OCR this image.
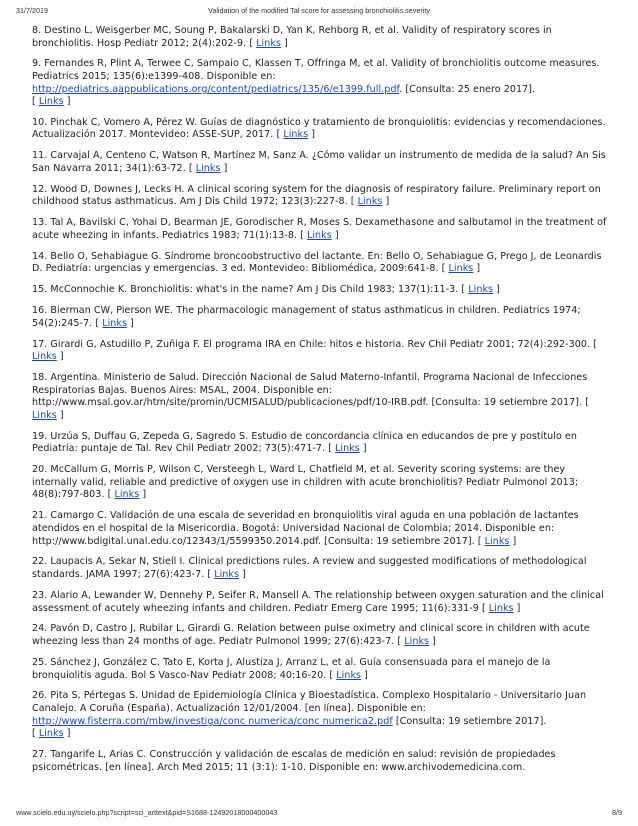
31/7/2019	Validation of the modified Tal score for assessing bronchiolitis severity

8. Destino L, Weisgerber MC, Soung P, Bakalarski D, Yan K, Rehborg R, et al. Validity of respiratory scores in bronchiolitis. Hosp Pediatr 2012; 2(4):202-9. [ Links ]

9. Fernandes R, Plint A, Terwee C, Sampaio C, Klassen T, Offringa M, et al. Validity of bronchiolitis outcome measures. Pediatrics 2015; 135(6):e1399-408. Disponible en:
http://pediatrics.aappublications.org/content/pediatrics/135/6/e1399.full.pdf. [Consulta: 25 enero 2017].
[ Links ]

10. Pinchak C, Vomero A, Pérez W. Guías de diagnóstico y tratamiento de bronquiolitis: evidencias y recomendaciones. Actualización 2017. Montevideo: ASSE-SUP, 2017. [ Links ]

11. Carvajal A, Centeno C, Watson R, Martínez M, Sanz A. ¿Cómo validar un instrumento de medida de la salud? An Sis San Navarra 2011; 34(1):63-72. [ Links ]

12. Wood D, Downes J, Lecks H. A clinical scoring system for the diagnosis of respiratory failure. Preliminary report on childhood status asthmaticus. Am J Dis Child 1972; 123(3):227-8. [ Links ]

13. Tal A, Bavilski C, Yohai D, Bearman JE, Gorodischer R, Moses S. Dexamethasone and salbutamol in the treatment of acute wheezing in infants. Pediatrics 1983; 71(1):13-8. [ Links ]

14. Bello O, Sehabiague G. Síndrome broncoobstructivo del lactante. En: Bello O, Sehabiague G, Prego J, de Leonardis D. Pediatría: urgencias y emergencias. 3 ed. Montevideo: Bibliomédica, 2009:641-8. [ Links ]

15. McConnochie K. Bronchiolitis: what's in the name? Am J Dis Child 1983; 137(1):11-3. [ Links ]

16. Bierman CW, Pierson WE. The pharmacologic management of status asthmaticus in children. Pediatrics 1974; 54(2):245-7. [ Links ]

17. Girardi G, Astudillo P, Zuñiga F. El programa IRA en Chile: hitos e historia. Rev Chil Pediatr 2001; 72(4):292-300. [ Links ]

18. Argentina. Ministerio de Salud. Dirección Nacional de Salud Materno-Infantil. Programa Nacional de Infecciones Respiratorias Bajas. Buenos Aires: MSAL, 2004. Disponible en: http://www.msal.gov.ar/htm/site/promin/UCMISALUD/publicaciones/pdf/10-IRB.pdf. [Consulta: 19 setiembre 2017]. [ Links ]

19. Urzúa S, Duffau G, Zepeda G, Sagredo S. Estudio de concordancia clínica en educandos de pre y postítulo en Pediatría: puntaje de Tal. Rev Chil Pediatr 2002; 73(5):471-7. [ Links ]

20. McCallum G, Morris P, Wilson C, Versteegh L, Ward L, Chatfield M, et al. Severity scoring systems: are they internally valid, reliable and predictive of oxygen use in children with acute bronchiolitis? Pediatr Pulmonol 2013; 48(8):797-803. [ Links ]

21. Camargo C. Validación de una escala de severidad en bronquiolitis viral aguda en una población de lactantes atendidos en el hospital de la Misericordia. Bogotá: Universidad Nacional de Colombia; 2014. Disponible en: http://www.bdigital.unal.edu.co/12343/1/5599350.2014.pdf. [Consulta: 19 setiembre 2017]. [ Links ]

22. Laupacis A, Sekar N, Stiell I. Clinical predictions rules. A review and suggested modifications of methodological standards. JAMA 1997; 27(6):423-7. [ Links ]

23. Alario A, Lewander W, Dennehy P, Seifer R, Mansell A. The relationship between oxygen saturation and the clinical assessment of acutely wheezing infants and children. Pediatr Emerg Care 1995; 11(6):331-9 [ Links ]

24. Pavón D, Castro J, Rubilar L, Girardi G. Relation between pulse oximetry and clinical score in children with acute wheezing less than 24 months of age. Pediatr Pulmonol 1999; 27(6):423-7. [ Links ]

25. Sánchez J, González C, Tato E, Korta J, Alustiza J, Arranz L, et al. Guía consensuada para el manejo de la bronquiolitis aguda. Bol S Vasco-Nav Pediatr 2008; 40:16-20. [ Links ]

26. Pita S, Pértegas S. Unidad de Epidemiología Clínica y Bioestadística. Complexo Hospitalario - Universitario Juan Canalejo. A Coruña (España). Actualización 12/01/2004. [en línea]. Disponible en:
http://www.fisterra.com/mbw/investiga/conc numerica/conc numerica2.pdf [Consulta: 19 setiembre 2017].
[ Links ]

27. Tangarife L, Arias C. Construcción y validación de escalas de medición en salud: revisión de propiedades psicométricas. [en línea]. Arch Med 2015; 11 (3:1): 1-10. Disponible en: www.archivodemedicina.com.

www.scielo.edu.uy/scielo.php?script=sci_arttext&pid=S1688-12492018000400043	8/9
